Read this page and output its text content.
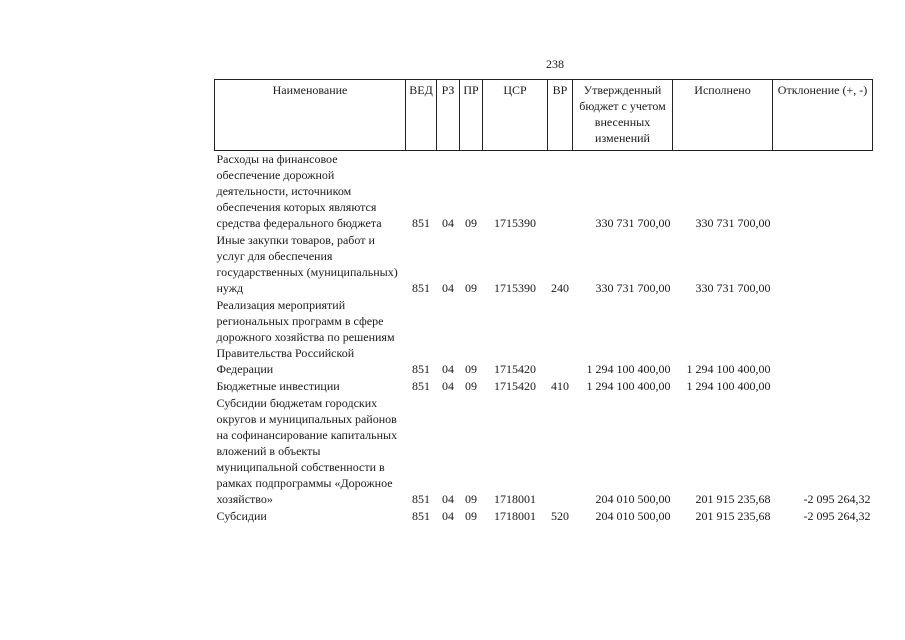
238
Наименование	ВЕД	РЗ	ПР	ЦСР	ВР	Утвержденный бюджет с учетом внесенных изменений	Исполнено	Отклонение (+, -)
Расходы на финансовое обеспечение дорожной деятельности, источником обеспечения которых являются средства федерального бюджета	851	04	09	1715390		330 731 700,00	330 731 700,00	
Иные закупки товаров, работ и услуг для обеспечения государственных (муниципальных) нужд	851	04	09	1715390	240	330 731 700,00	330 731 700,00	
Реализация мероприятий региональных программ в сфере дорожного хозяйства по решениям Правительства Российской Федерации	851	04	09	1715420		1 294 100 400,00	1 294 100 400,00	
Бюджетные инвестиции	851	04	09	1715420	410	1 294 100 400,00	1 294 100 400,00	
Субсидии бюджетам городских округов и муниципальных районов на софинансирование капитальных вложений в объекты муниципальной собственности в рамках подпрограммы «Дорожное хозяйство»	851	04	09	1718001		204 010 500,00	201 915 235,68	-2 095 264,32
Субсидии	851	04	09	1718001	520	204 010 500,00	201 915 235,68	-2 095 264,32
